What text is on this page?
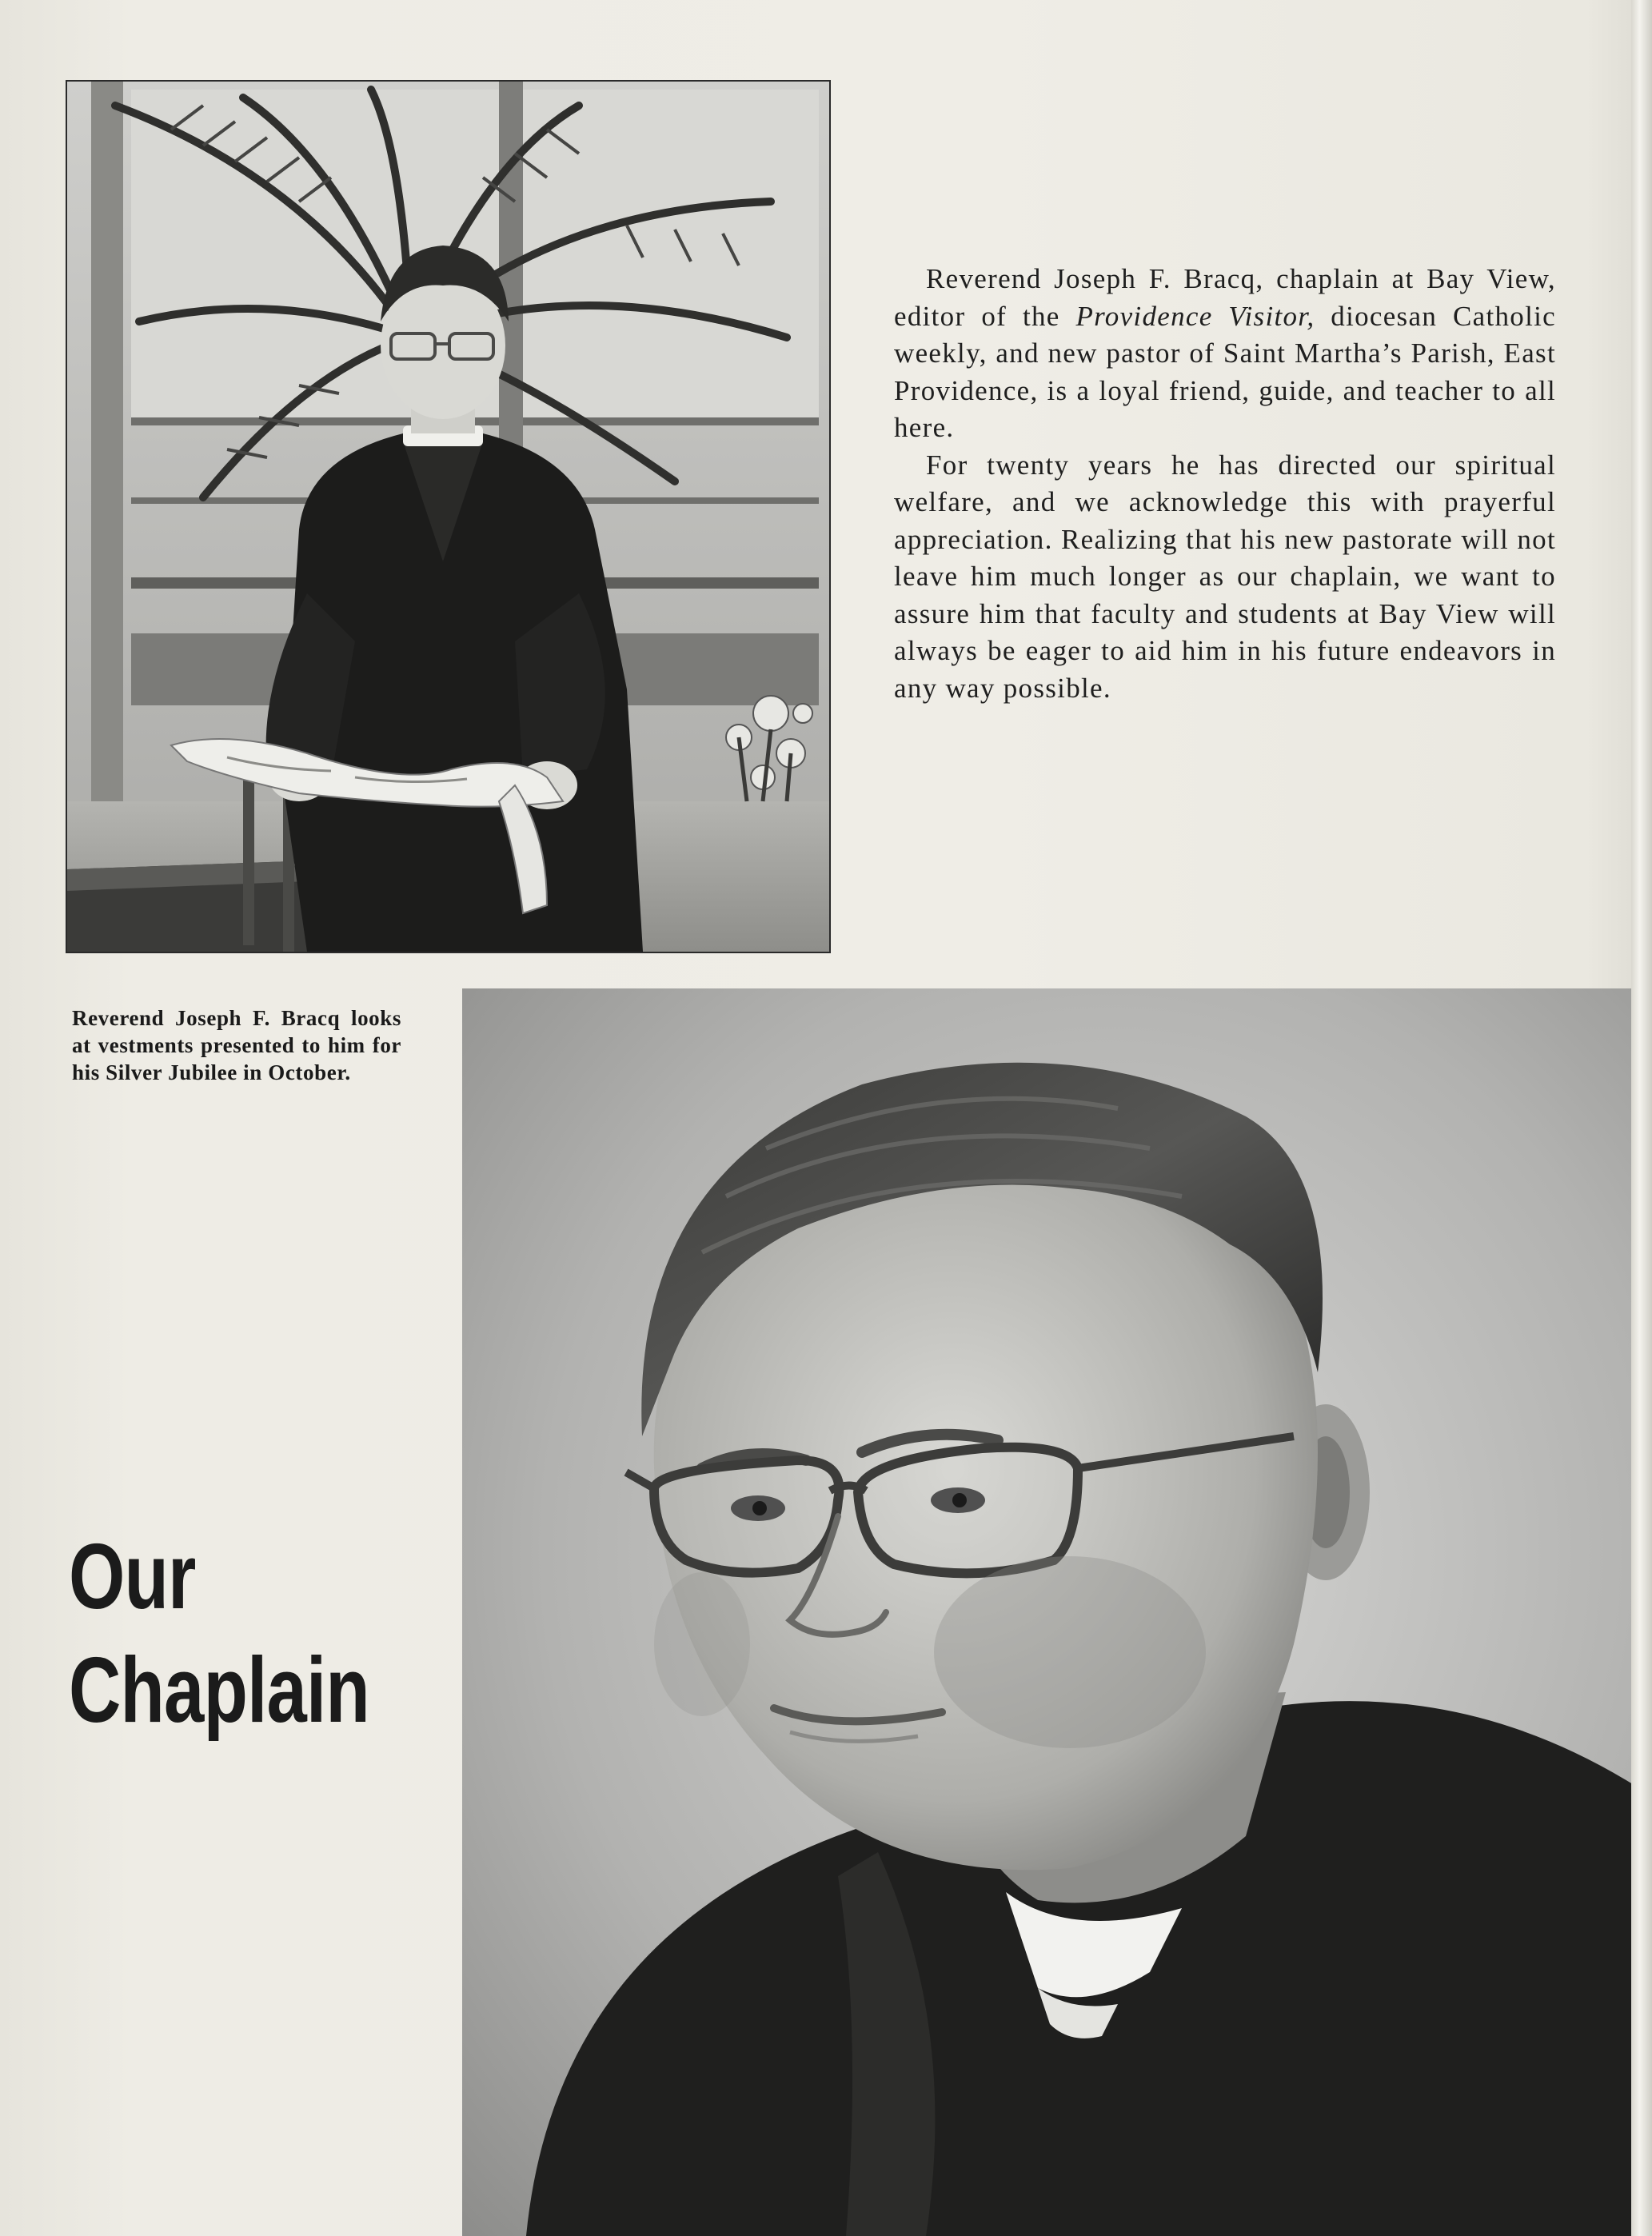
Reverend Joseph F. Bracq, chaplain at Bay View, editor of the Providence Visitor, diocesan Catholic weekly, and new pastor of Saint Martha’s Parish, East Providence, is a loyal friend, guide, and teacher to all here.

For twenty years he has directed our spiritual welfare, and we acknowledge this with prayerful appreciation. Realizing that his new pastorate will not leave him much longer as our chaplain, we want to assure him that faculty and students at Bay View will always be eager to aid him in his future endeavors in any way possible.

Reverend Joseph F. Bracq looks at vestments presented to him for his Silver Jubilee in October.
Our
Chaplain
